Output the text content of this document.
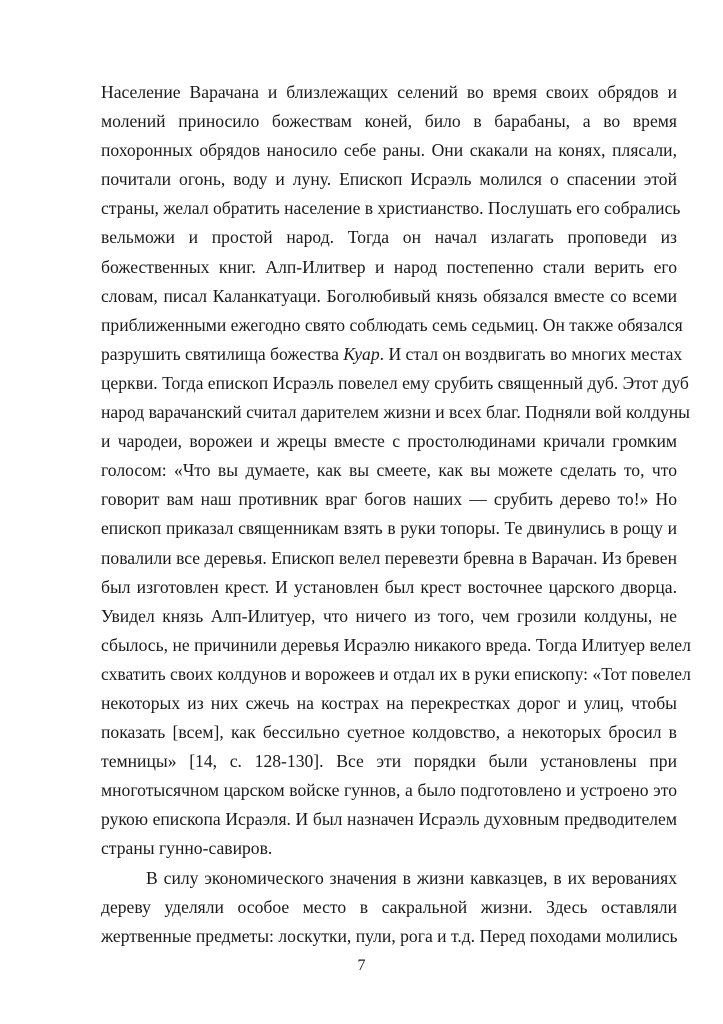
Население Варачана и близлежащих селений во время своих обрядов и
молений приносило божествам коней, било в барабаны, а во время
похоронных обрядов наносило себе раны. Они скакали на конях, плясали,
почитали огонь, воду и луну. Епископ Исраэль молился о спасении этой
страны, желал обратить население в христианство. Послушать его собрались
вельможи и простой народ. Тогда он начал излагать проповеди из
божественных книг. Алп-Илитвер и народ постепенно стали верить его
словам, писал Каланкатуаци. Боголюбивый князь обязался вместе со всеми
приближенными ежегодно свято соблюдать семь седьмиц. Он также обязался
разрушить святилища божества Куар. И стал он воздвигать во многих местах
церкви. Тогда епископ Исраэль повелел ему срубить священный дуб. Этот дуб
народ варачанский считал дарителем жизни и всех благ. Подняли вой колдуны
и чародеи, ворожеи и жрецы вместе с простолюдинами кричали громким
голосом: «Что вы думаете, как вы смеете, как вы можете сделать то, что
говорит вам наш противник враг богов наших — срубить дерево то!» Но
епископ приказал священникам взять в руки топоры. Те двинулись в рощу и
повалили все деревья. Епископ велел перевезти бревна в Варачан. Из бревен
был изготовлен крест. И установлен был крест восточнее царского дворца.
Увидел князь Алп-Илитуер, что ничего из того, чем грозили колдуны, не
сбылось, не причинили деревья Исраэлю никакого вреда. Тогда Илитуер велел
схватить своих колдунов и ворожеев и отдал их в руки епископу: «Тот повелел
некоторых из них сжечь на кострах на перекрестках дорог и улиц, чтобы
показать [всем], как бессильно суетное колдовство, а некоторых бросил в
темницы» [14, с. 128-130]. Все эти порядки были установлены при
многотысячном царском войске гуннов, а было подготовлено и устроено это
рукою епископа Исраэля. И был назначен Исраэль духовным предводителем
страны гунно-савиров.
В силу экономического значения в жизни кавказцев, в их верованиях
дереву уделяли особое место в сакральной жизни. Здесь оставляли
жертвенные предметы: лоскутки, пули, рога и т.д. Перед походами молились
7
